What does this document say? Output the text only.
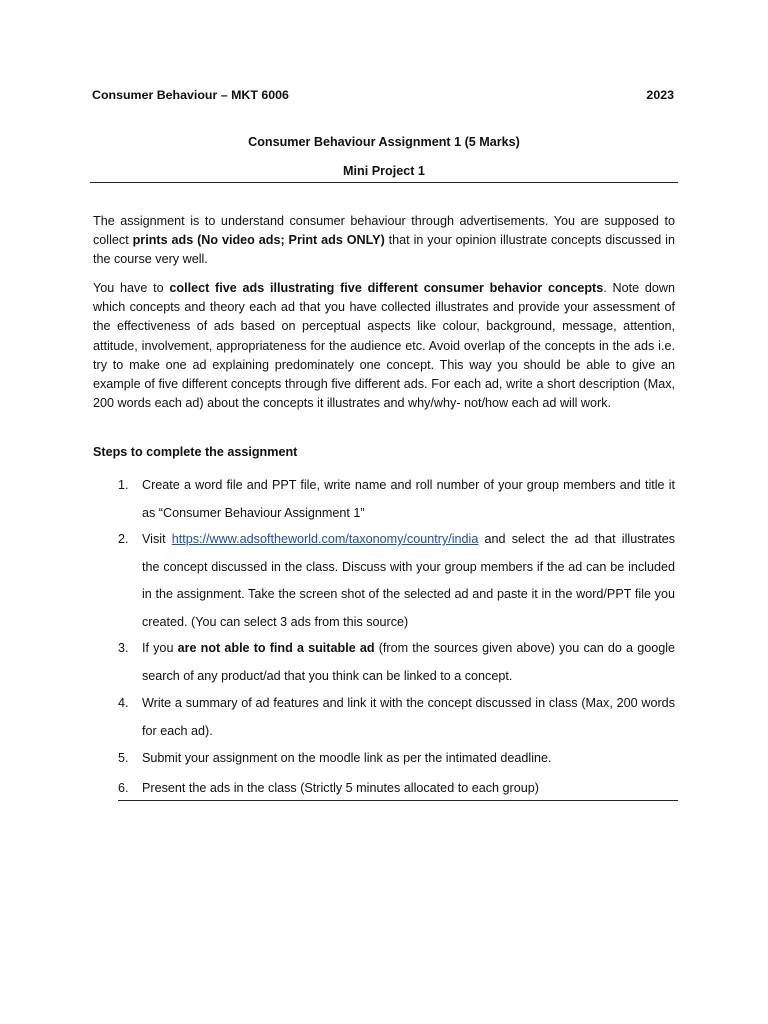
Consumer Behaviour – MKT 6006	2023
Consumer Behaviour Assignment 1 (5 Marks)
Mini Project 1
The assignment is to understand consumer behaviour through advertisements. You are supposed to collect prints ads (No video ads; Print ads ONLY) that in your opinion illustrate concepts discussed in the course very well.
You have to collect five ads illustrating five different consumer behavior concepts. Note down which concepts and theory each ad that you have collected illustrates and provide your assessment of the effectiveness of ads based on perceptual aspects like colour, background, message, attention, attitude, involvement, appropriateness for the audience etc. Avoid overlap of the concepts in the ads i.e. try to make one ad explaining predominately one concept. This way you should be able to give an example of five different concepts through five different ads. For each ad, write a short description (Max, 200 words each ad) about the concepts it illustrates and why/why- not/how each ad will work.
Steps to complete the assignment
1.	Create a word file and PPT file, write name and roll number of your group members and title it as “Consumer Behaviour Assignment 1”
2.	Visit https://www.adsoftheworld.com/taxonomy/country/india and select the ad that illustrates the concept discussed in the class. Discuss with your group members if the ad can be included in the assignment. Take the screen shot of the selected ad and paste it in the word/PPT file you created. (You can select 3 ads from this source)
3.	If you are not able to find a suitable ad (from the sources given above) you can do a google search of any product/ad that you think can be linked to a concept.
4.	Write a summary of ad features and link it with the concept discussed in class (Max, 200 words for each ad).
5.	Submit your assignment on the moodle link as per the intimated deadline.
6.	Present the ads in the class (Strictly 5 minutes allocated to each group)
